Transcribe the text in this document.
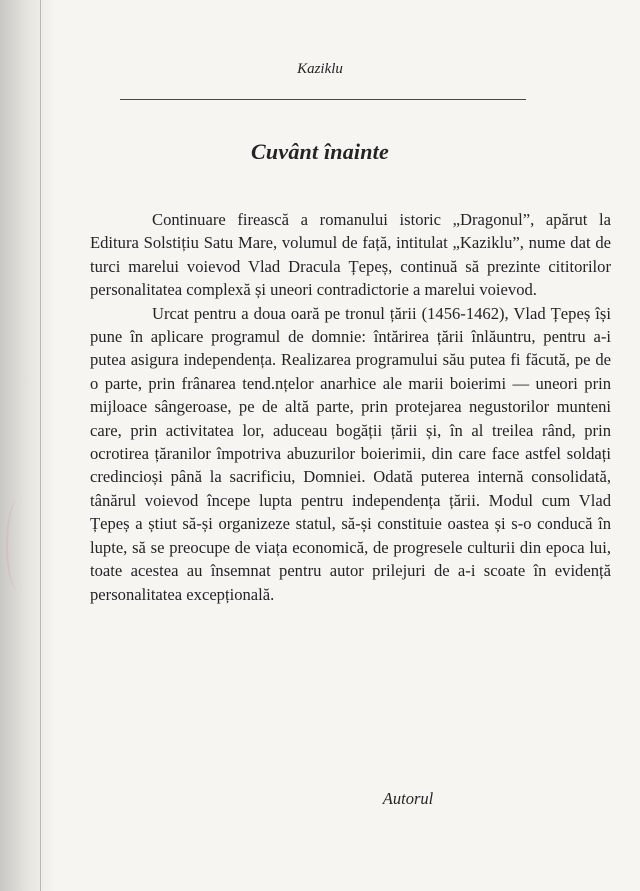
Kaziklu
Cuvânt înainte

Continuare firească a romanului istoric „Dragonul”, apărut la Editura Solstițiu Satu Mare, volumul de față, intitulat „Kaziklu”, nume dat de turci marelui voievod Vlad Dracula Țepeș, continuă să prezinte cititorilor personalitatea complexă și uneori contradictorie a marelui voievod.

Urcat pentru a doua oară pe tronul țării (1456-1462), Vlad Țepeș își pune în aplicare programul de domnie: întărirea țării înlăuntru, pentru a-i putea asigura independența. Realizarea programului său putea fi făcută, pe de o parte, prin frânarea tend.nțelor anarhice ale marii boierimi — uneori prin mijloace sângeroase, pe de altă parte, prin protejarea negustorilor munteni care, prin activitatea lor, aduceau bogății țării și, în al treilea rând, prin ocrotirea țăranilor împotriva abuzurilor boierimii, din care face astfel soldați credincioși până la sacrificiu, Domniei. Odată puterea internă consolidată, tânărul voievod începe lupta pentru independența țării. Modul cum Vlad Țepeș a știut să-și organizeze statul, să-și constituie oastea și s-o conducă în lupte, să se preocupe de viața economică, de progresele culturii din epoca lui, toate acestea au însemnat pentru autor prilejuri de a-i scoate în evidență personalitatea excepțională.

Autorul
